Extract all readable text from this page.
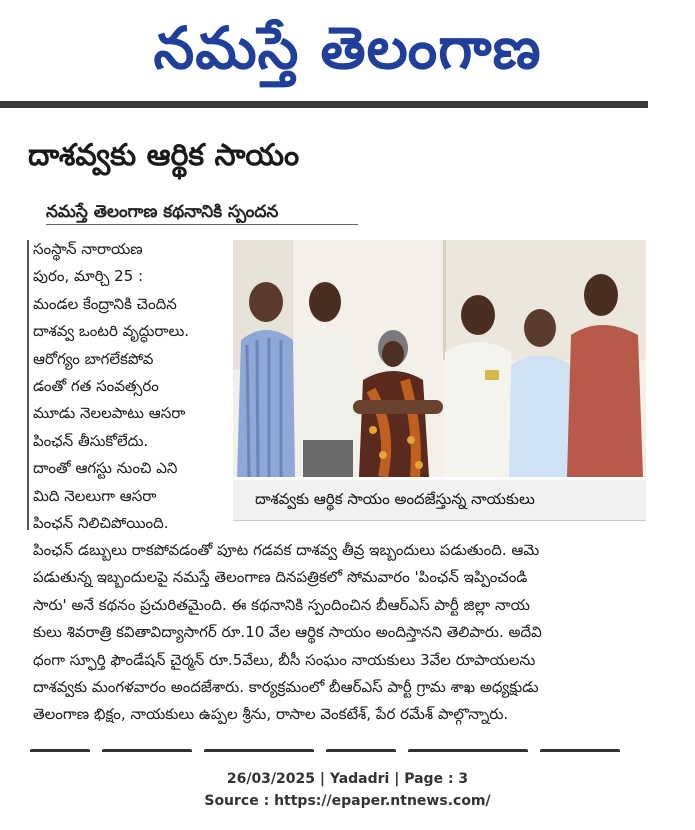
నమస్తే తెలంగాణ
దాశవ్వకు ఆర్థిక సాయం
నమస్తే తెలంగాణ కథనానికి స్పందన

సంస్థాన్ నారాయణ

పురం, మార్చి 25 :

మండల కేంద్రానికి చెందిన

దాశవ్వ ఒంటరి వృద్ధురాలు.

ఆరోగ్యం బాగలేకపోవ

డంతో గత సంవత్సరం

మూడు నెలలపాటు ఆసరా

పింఛన్ తీసుకోలేదు.

దాంతో ఆగస్టు నుంచి ఎని

మిది నెలలుగా ఆసరా

పింఛన్ నిలిచిపోయింది.

దాశవ్వకు ఆర్థిక సాయం అందజేస్తున్న నాయకులు

పింఛన్ డబ్బులు రాకపోవడంతో పూట గడవక దాశవ్వ తీవ్ర ఇబ్బందులు పడుతుంది. ఆమె

పడుతున్న ఇబ్బందులపై నమస్తే తెలంగాణ దినపత్రికలో సోమవారం 'పింఛన్ ఇప్పించండి

సారు' అనే కథనం ప్రచురితమైంది. ఈ కథనానికి స్పందించిన బీఆర్ఎస్ పార్టీ జిల్లా నాయ

కులు శివరాత్రి కవితావిద్యాసాగర్ రూ.10 వేల ఆర్థిక సాయం అందిస్తానని తెలిపారు. అదేవి

ధంగా స్ఫూర్తి ఫౌండేషన్ చైర్మన్ రూ.5వేలు, బీసీ సంఘం నాయకులు 3వేల రూపాయలను

దాశవ్వకు మంగళవారం అందజేశారు. కార్యక్రమంలో బీఆర్ఎస్ పార్టీ గ్రామ శాఖ అధ్యక్షుడు

తెలంగాణ భిక్షం, నాయకులు ఉప్పల శ్రీను, రాసాల వెంకటేశ్, పేర రమేశ్ పాల్గొన్నారు.

26/03/2025 | Yadadri | Page : 3
Source : https://epaper.ntnews.com/
